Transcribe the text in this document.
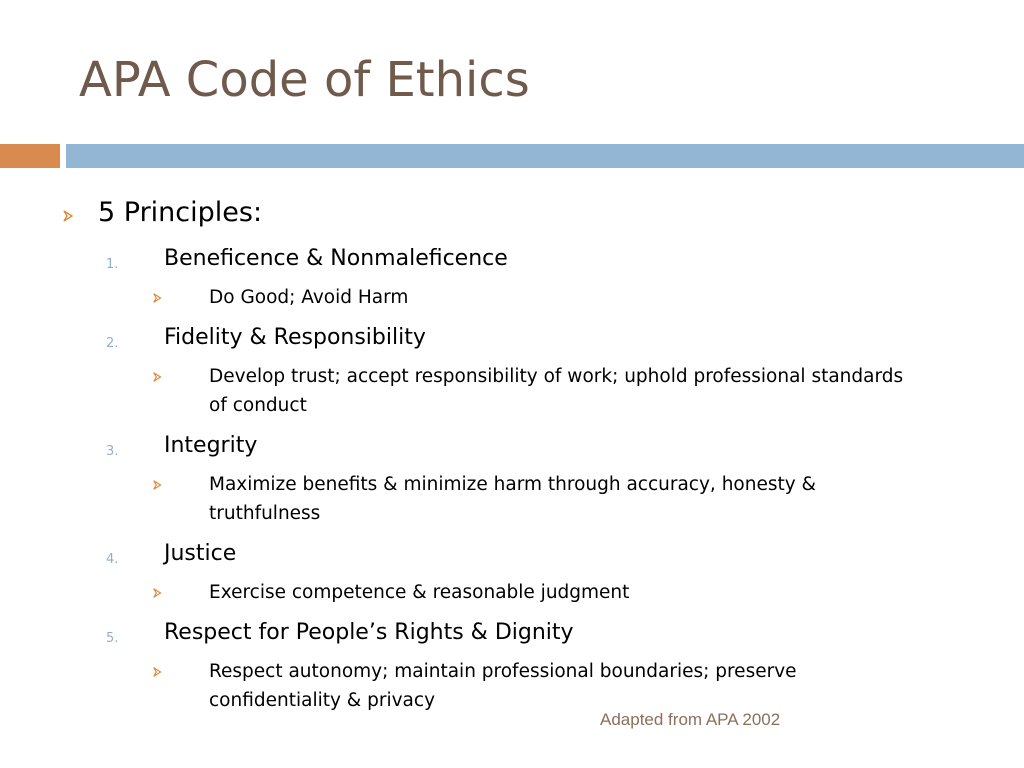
APA Code of Ethics
5 Principles:
1. Beneficence & Nonmaleficence
Do Good; Avoid Harm
2. Fidelity & Responsibility
Develop trust; accept responsibility of work; uphold professional standards of conduct
3. Integrity
Maximize benefits & minimize harm through accuracy, honesty & truthfulness
4. Justice
Exercise competence & reasonable judgment
5. Respect for People’s Rights & Dignity
Respect autonomy; maintain professional boundaries; preserve confidentiality & privacy
Adapted from APA 2002
